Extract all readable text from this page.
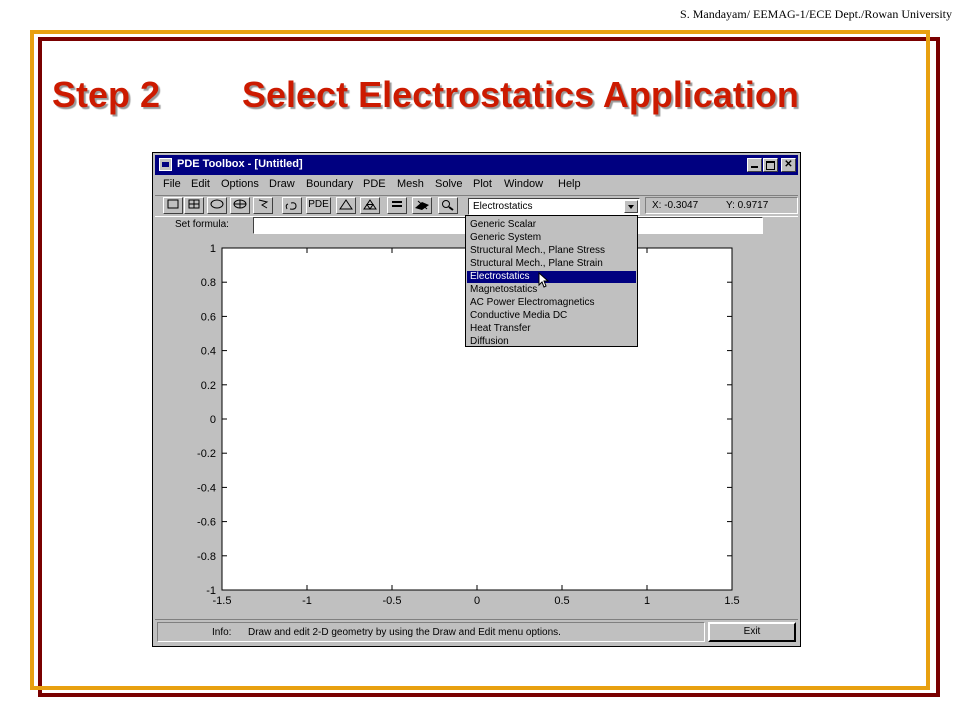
S. Mandayam/ EEMAG-1/ECE Dept./Rowan University
Step 2 Select Electrostatics Application
PDE Toolbox - [Untitled]	✕
File Edit Options Draw Boundary PDE Mesh Solve Plot Window Help
PDE	Electrostatics	X: -0.3047	Y: 0.9717
Set formula:
-1.5	-1	-0.5	0	0.5	1	1.5
1
0.8
0.6
0.4
0.2
0
-0.2
-0.4
-0.6
-0.8
-1
Info: Draw and edit 2-D geometry by using the Draw and Edit menu options.	Exit
Generic Scalar
Generic System
Structural Mech., Plane Stress
Structural Mech., Plane Strain
Electrostatics
Magnetostatics
AC Power Electromagnetics
Conductive Media DC
Heat Transfer
Diffusion
